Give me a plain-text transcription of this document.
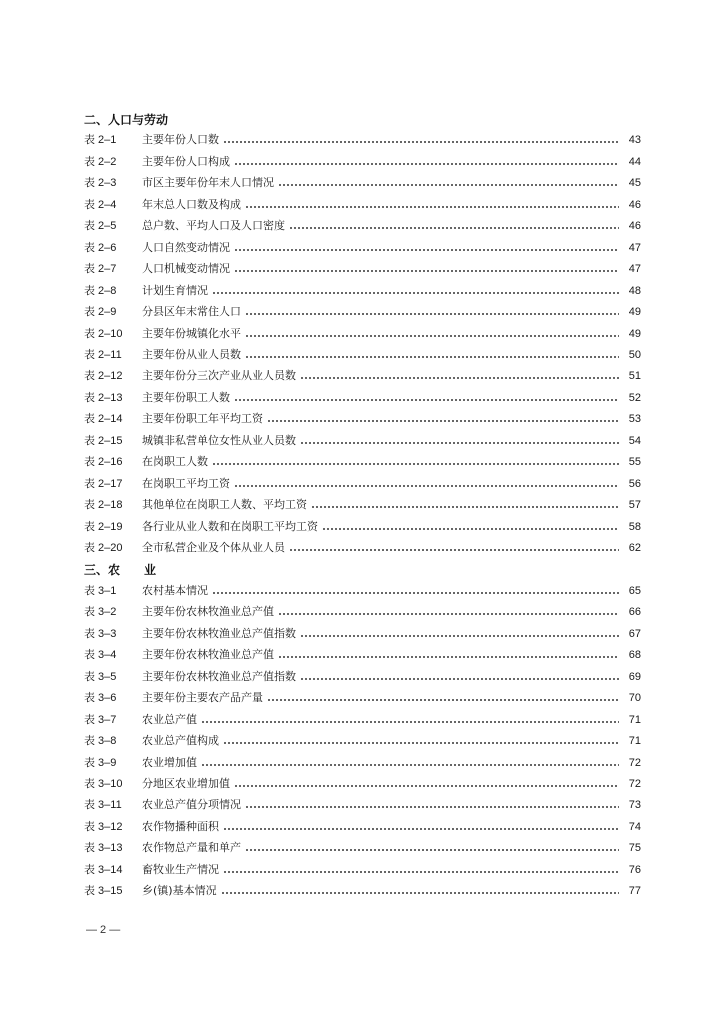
二、人口与劳动
表 2–1	主要年份人口数	43
表 2–2	主要年份人口构成	44
表 2–3	市区主要年份年末人口情况	45
表 2–4	年末总人口数及构成	46
表 2–5	总户数、平均人口及人口密度	46
表 2–6	人口自然变动情况	47
表 2–7	人口机械变动情况	47
表 2–8	计划生育情况	48
表 2–9	分县区年末常住人口	49
表 2–10	主要年份城镇化水平	49
表 2–11	主要年份从业人员数	50
表 2–12	主要年份分三次产业从业人员数	51
表 2–13	主要年份职工人数	52
表 2–14	主要年份职工年平均工资	53
表 2–15	城镇非私营单位女性从业人员数	54
表 2–16	在岗职工人数	55
表 2–17	在岗职工平均工资	56
表 2–18	其他单位在岗职工人数、平均工资	57
表 2–19	各行业从业人数和在岗职工平均工资	58
表 2–20	全市私营企业及个体从业人员	62
三、农　　业
表 3–1	农村基本情况	65
表 3–2	主要年份农林牧渔业总产值	66
表 3–3	主要年份农林牧渔业总产值指数	67
表 3–4	主要年份农林牧渔业总产值	68
表 3–5	主要年份农林牧渔业总产值指数	69
表 3–6	主要年份主要农产品产量	70
表 3–7	农业总产值	71
表 3–8	农业总产值构成	71
表 3–9	农业增加值	72
表 3–10	分地区农业增加值	72
表 3–11	农业总产值分项情况	73
表 3–12	农作物播种面积	74
表 3–13	农作物总产量和单产	75
表 3–14	畜牧业生产情况	76
表 3–15	乡(镇)基本情况	77
— 2 —
